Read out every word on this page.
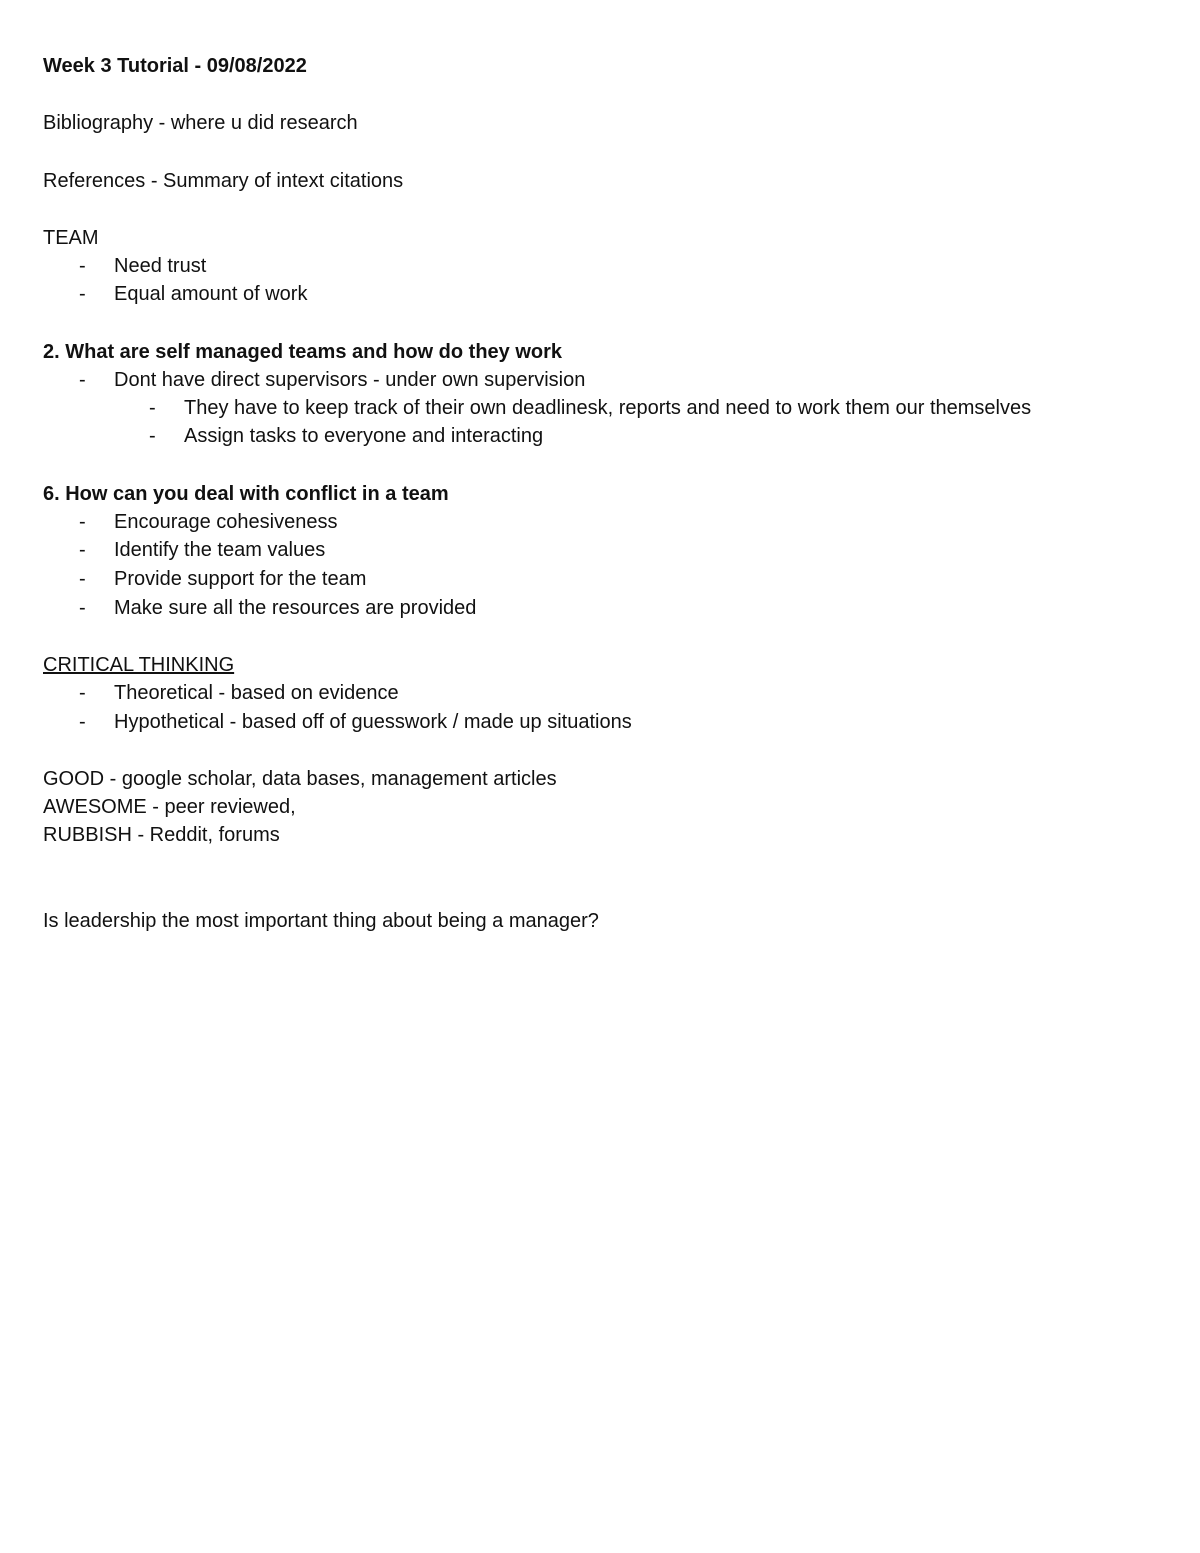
Week 3 Tutorial - 09/08/2022
Bibliography - where u did research
References - Summary of intext citations
TEAM
- Need trust
- Equal amount of work
2. What are self managed teams and how do they work
- Dont have direct supervisors - under own supervision
- They have to keep track of their own deadlinesk, reports and need to work them our themselves
- Assign tasks to everyone and interacting
6. How can you deal with conflict in a team
- Encourage cohesiveness
- Identify the team values
- Provide support for the team
- Make sure all the resources are provided
CRITICAL THINKING
- Theoretical - based on evidence
- Hypothetical - based off of guesswork / made up situations
GOOD - google scholar, data bases, management articles
AWESOME - peer reviewed,
RUBBISH - Reddit, forums
Is leadership the most important thing about being a manager?
